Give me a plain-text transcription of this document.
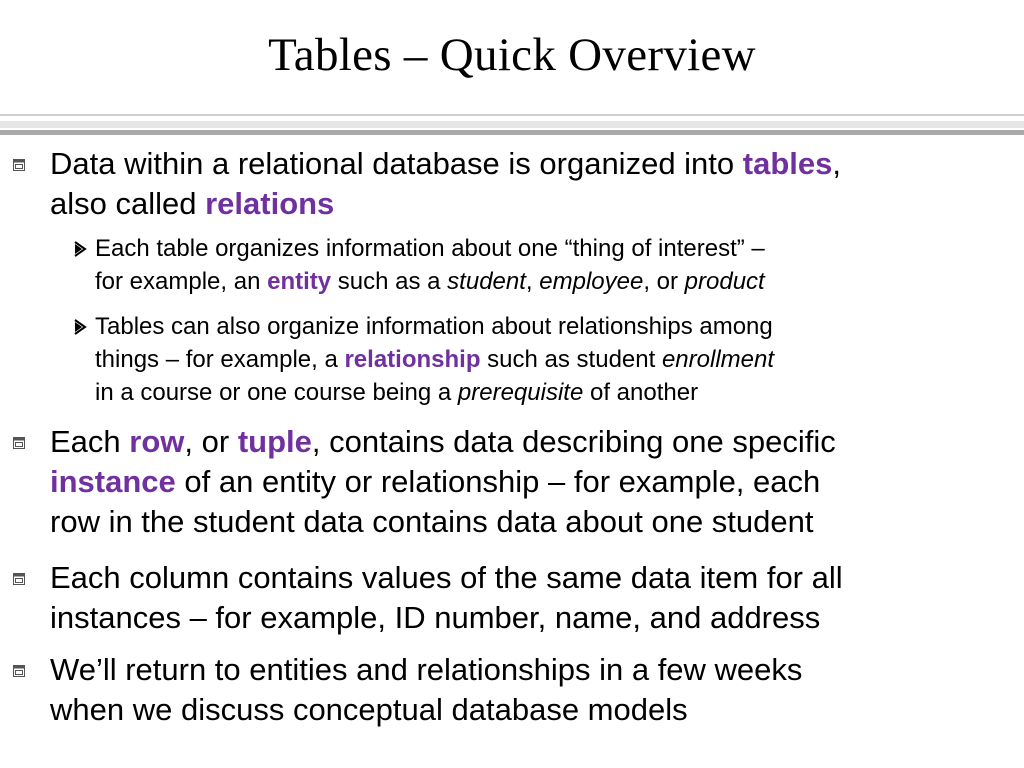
Tables – Quick Overview
Data within a relational database is organized into tables,
also called relations
Each table organizes information about one “thing of interest” –
for example, an entity such as a student, employee, or product
Tables can also organize information about relationships among
things – for example, a relationship such as student enrollment
in a course or one course being a prerequisite of another
Each row, or tuple, contains data describing one specific
instance of an entity or relationship – for example, each
row in the student data contains data about one student
Each column contains values of the same data item for all
instances – for example, ID number, name, and address
We’ll return to entities and relationships in a few weeks
when we discuss conceptual database models
